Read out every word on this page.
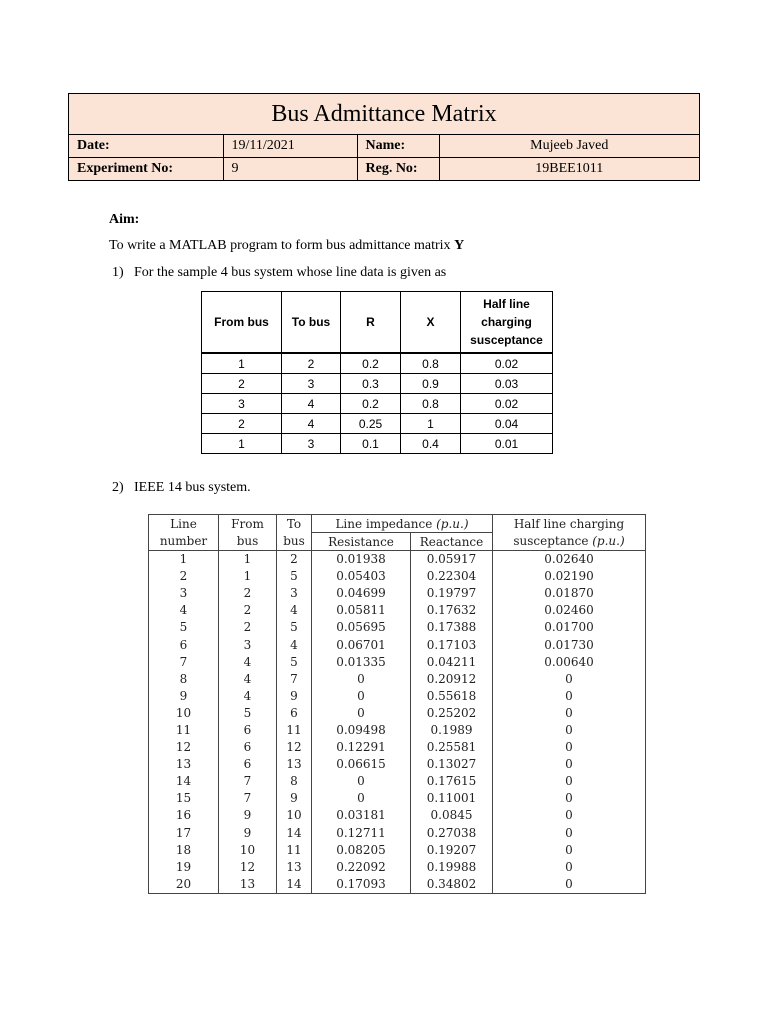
Bus Admittance Matrix
Date:	19/11/2021	Name:	Mujeeb Javed
Experiment No:	9	Reg. No:	19BEE1011
Aim:
To write a MATLAB program to form bus admittance matrix Y
1) For the sample 4 bus system whose line data is given as
From bus	To bus	R	X	Half line charging susceptance
1	2	0.2	0.8	0.02
2	3	0.3	0.9	0.03
3	4	0.2	0.8	0.02
2	4	0.25	1	0.04
1	3	0.1	0.4	0.01
2) IEEE 14 bus system.
Line	From	To	Line impedance (p.u.)		Half line charging
number	bus	bus	Resistance	Reactance	susceptance (p.u.)
1	1	2	0.01938	0.05917	0.02640
2	1	5	0.05403	0.22304	0.02190
3	2	3	0.04699	0.19797	0.01870
4	2	4	0.05811	0.17632	0.02460
5	2	5	0.05695	0.17388	0.01700
6	3	4	0.06701	0.17103	0.01730
7	4	5	0.01335	0.04211	0.00640
8	4	7	0	0.20912	0
9	4	9	0	0.55618	0
10	5	6	0	0.25202	0
11	6	11	0.09498	0.1989	0
12	6	12	0.12291	0.25581	0
13	6	13	0.06615	0.13027	0
14	7	8	0	0.17615	0
15	7	9	0	0.11001	0
16	9	10	0.03181	0.0845	0
17	9	14	0.12711	0.27038	0
18	10	11	0.08205	0.19207	0
19	12	13	0.22092	0.19988	0
20	13	14	0.17093	0.34802	0
